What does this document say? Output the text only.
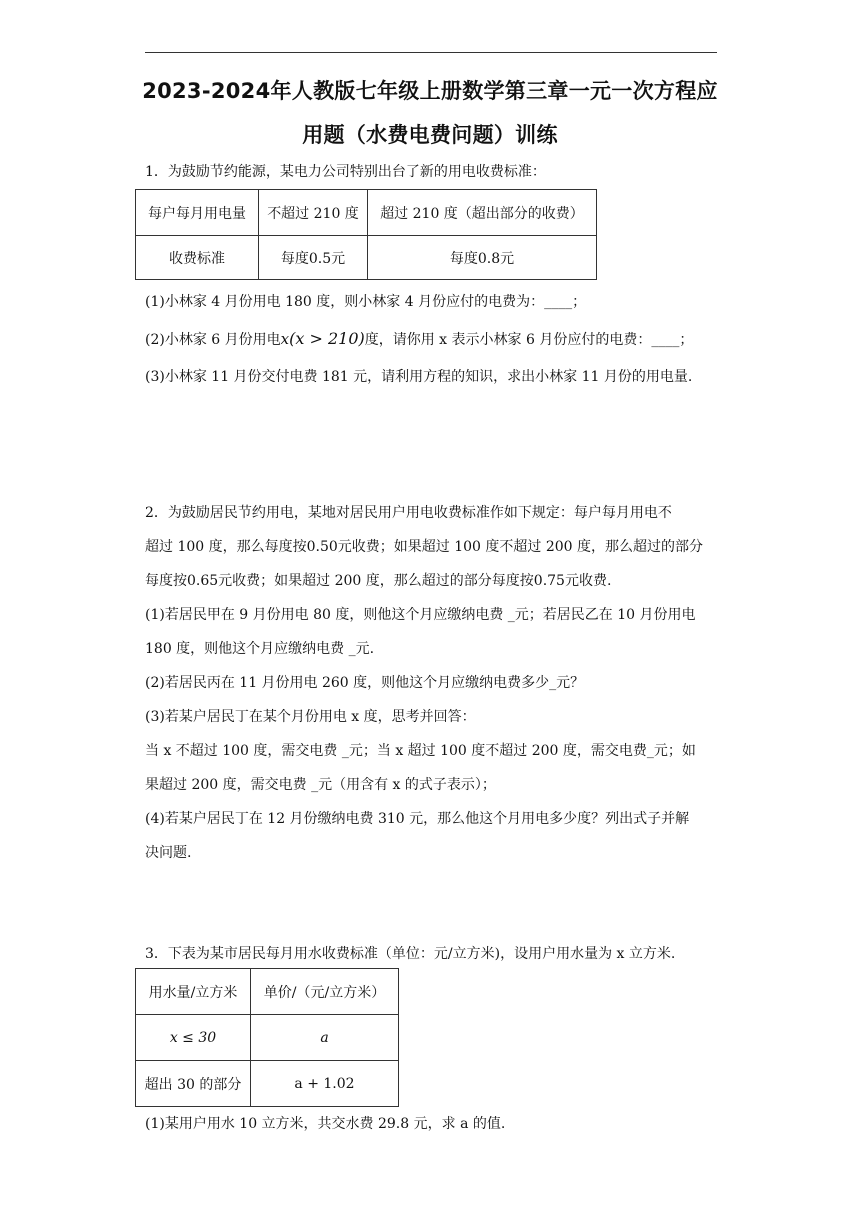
2023-2024年人教版七年级上册数学第三章一元一次方程应
用题（水费电费问题）训练
1．为鼓励节约能源，某电力公司特别出台了新的用电收费标准：
每户每月用电量	不超过 210 度	超过 210 度（超出部分的收费）
收费标准	每度0.5元	每度0.8元
(1)小林家 4 月份用电 180 度，则小林家 4 月份应付的电费为：____；
(2)小林家 6 月份用电x(x > 210)度，请你用 x 表示小林家 6 月份应付的电费：____；
(3)小林家 11 月份交付电费 181 元，请利用方程的知识，求出小林家 11 月份的用电量.
2．为鼓励居民节约用电，某地对居民用户用电收费标准作如下规定：每户每月用电不
超过 100 度，那么每度按0.50元收费；如果超过 100 度不超过 200 度，那么超过的部分
每度按0.65元收费；如果超过 200 度，那么超过的部分每度按0.75元收费.
(1)若居民甲在 9 月份用电 80 度，则他这个月应缴纳电费 _元；若居民乙在 10 月份用电
180 度，则他这个月应缴纳电费 _元.
(2)若居民丙在 11 月份用电 260 度，则他这个月应缴纳电费多少_元？
(3)若某户居民丁在某个月份用电 x 度，思考并回答：
当 x 不超过 100 度，需交电费 _元；当 x 超过 100 度不超过 200 度，需交电费_元；如
果超过 200 度，需交电费 _元（用含有 x 的式子表示）；
(4)若某户居民丁在 12 月份缴纳电费 310 元，那么他这个月用电多少度？列出式子并解
决问题.
3．下表为某市居民每月用水收费标准（单位：元/立方米)，设用户用水量为 x 立方米.
用水量/立方米	单价/（元/立方米）
x ≤ 30	a
超出 30 的部分	a + 1.02
(1)某用户用水 10 立方米，共交水费 29.8 元，求 a 的值.
